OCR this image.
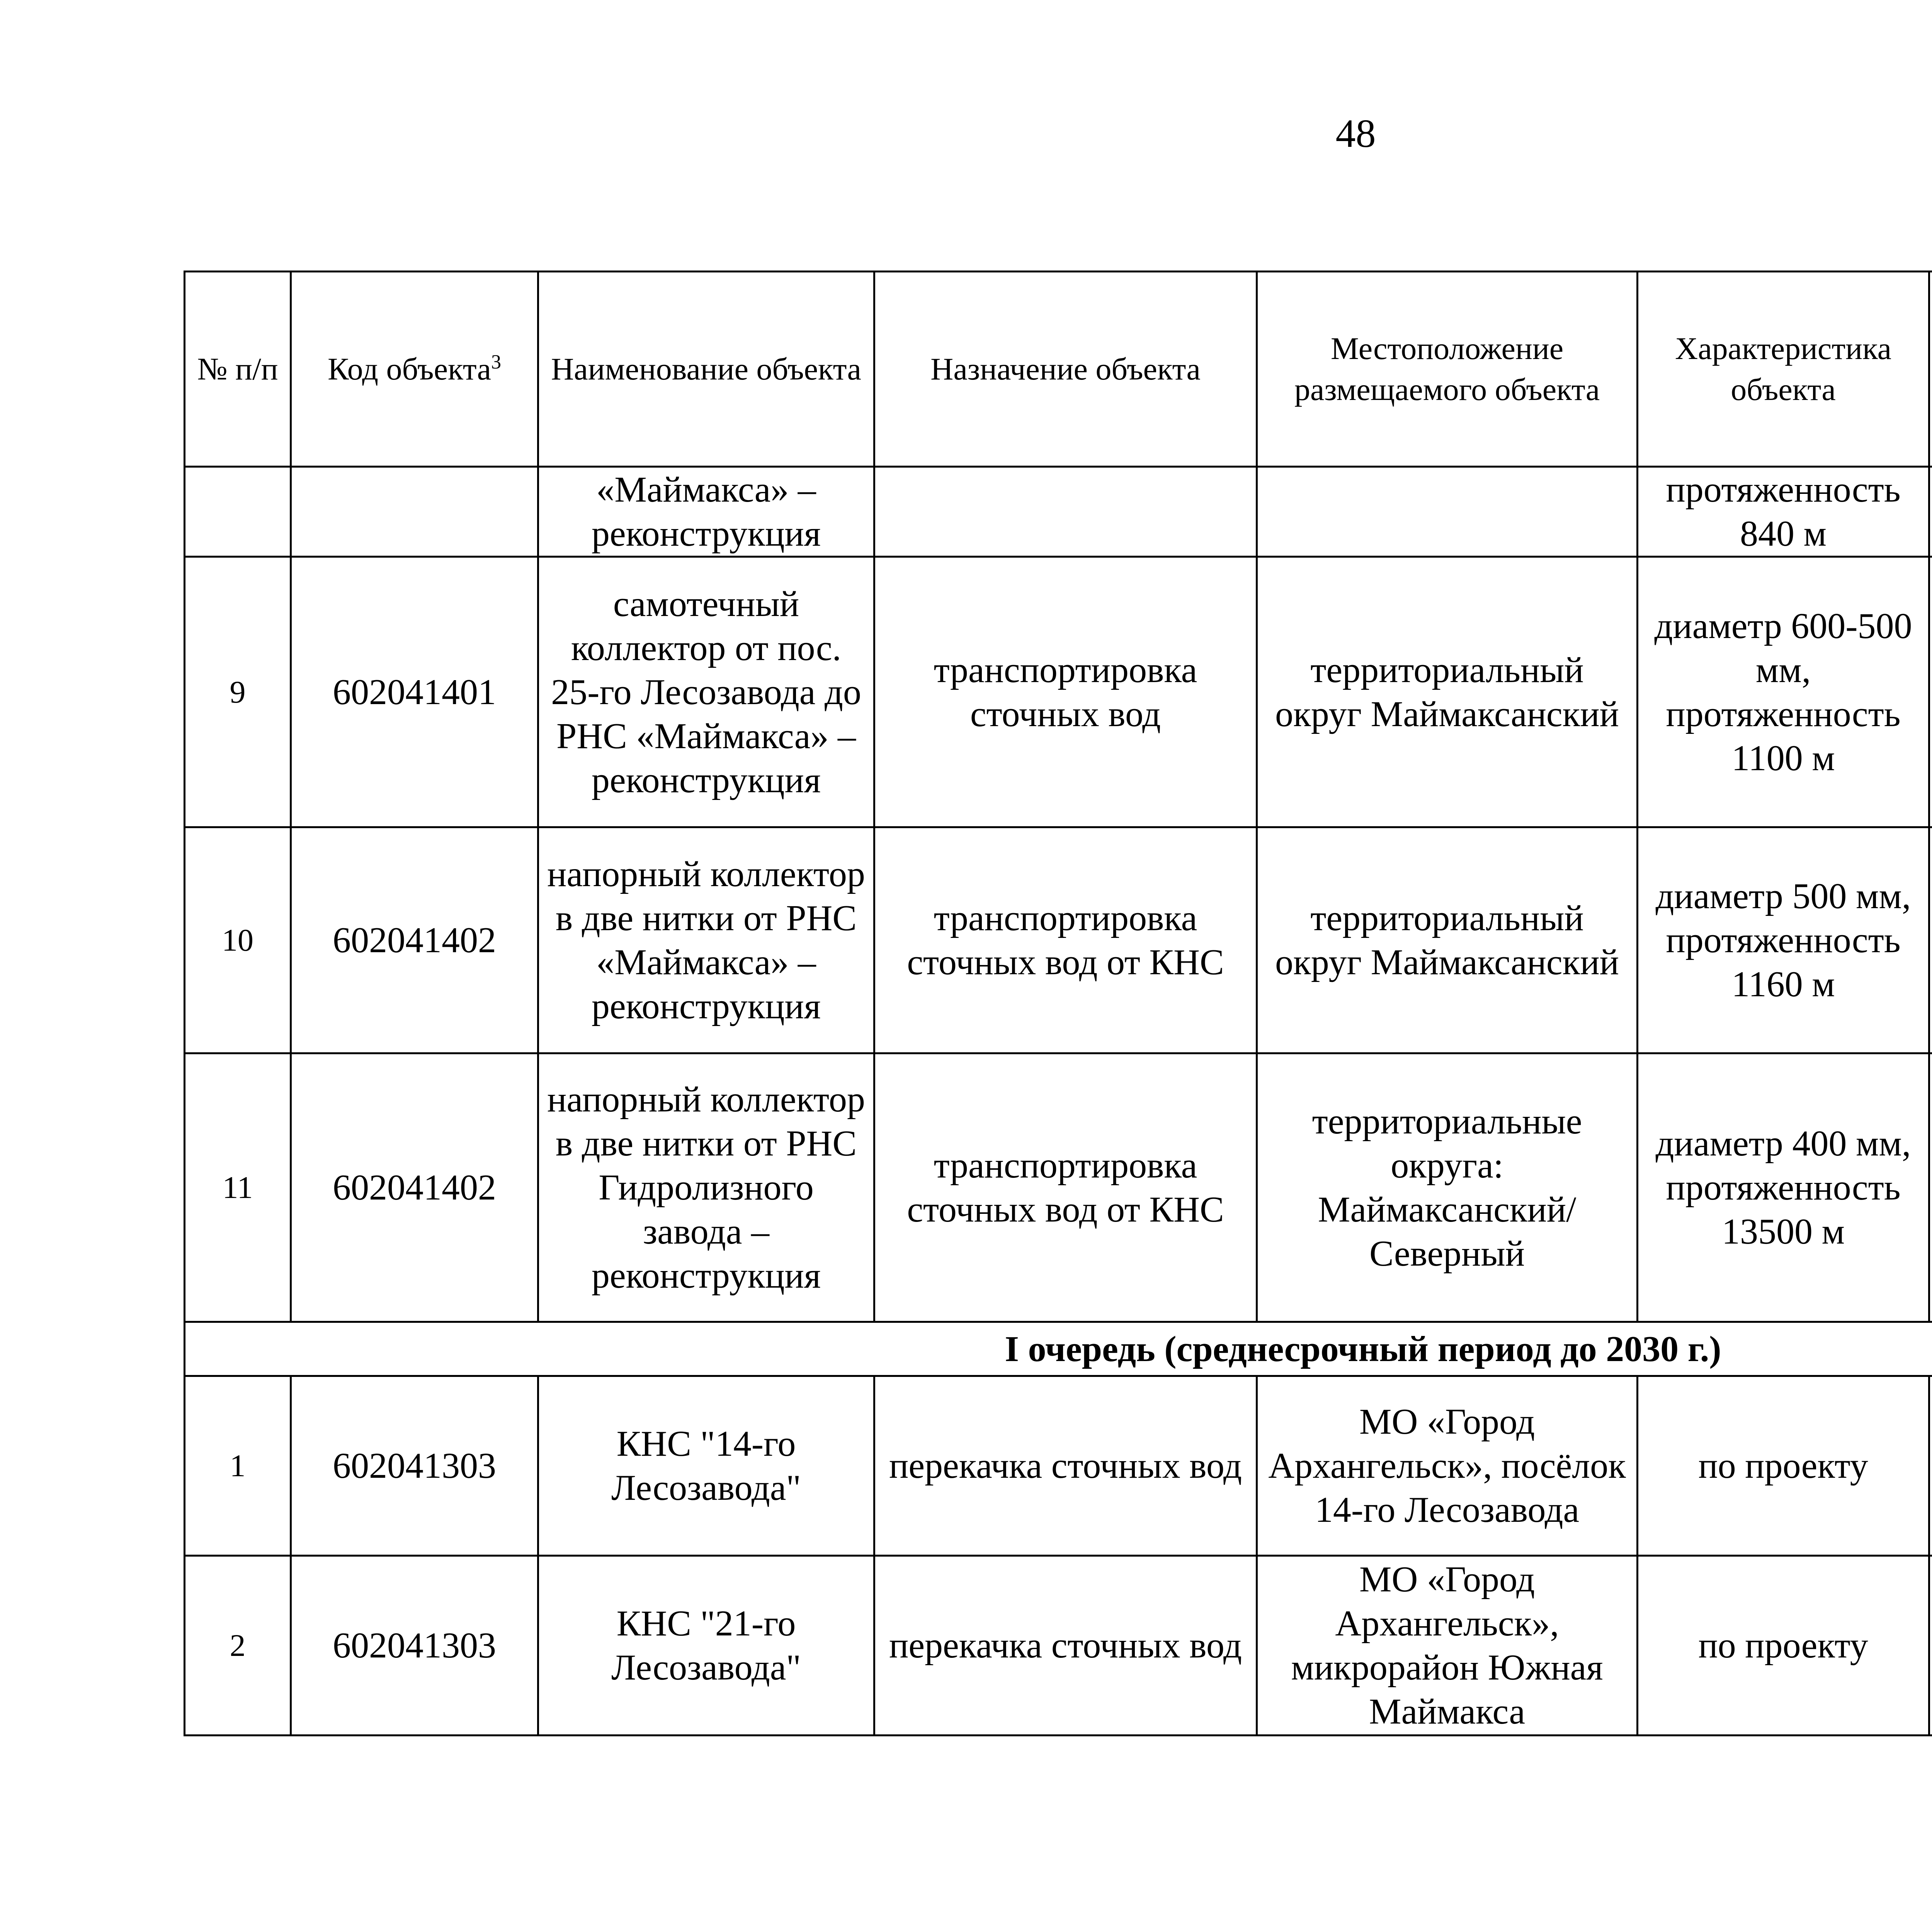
48
№ п/п	Код объекта$^3$	Наименование объекта	Назначение объекта	Местоположение размещаемого объекта	Характеристика объекта	
		«Маймакса» – реконструкция			протяженность 840 м	
9	602041401	самотечный коллектор от пос. 25-го Лесозавода до РНС «Маймакса» – реконструкция	транспортировка сточных вод	территориальный округ Маймаксанский	диаметр 600-500 мм, протяженность 1100 м	
10	602041402	напорный коллектор в две нитки от РНС «Маймакса» – реконструкция	транспортировка сточных вод от КНС	территориальный округ Маймаксанский	диаметр 500 мм, протяженность 1160 м	
11	602041402	напорный коллектор в две нитки от РНС Гидролизного завода – реконструкция	транспортировка сточных вод от КНС	территориальные округа: Маймаксанский/ Северный	диаметр 400 мм, протяженность 13500 м	
I очередь (среднесрочный период до 2030 г.)						
1	602041303	КНС "14-го Лесозавода"	перекачка сточных вод	МО «Город Архангельск», посёлок 14-го Лесозавода	по проекту	
2	602041303	КНС "21-го Лесозавода"	перекачка сточных вод	МО «Город Архангельск», микрорайон Южная Маймакса	по проекту	
